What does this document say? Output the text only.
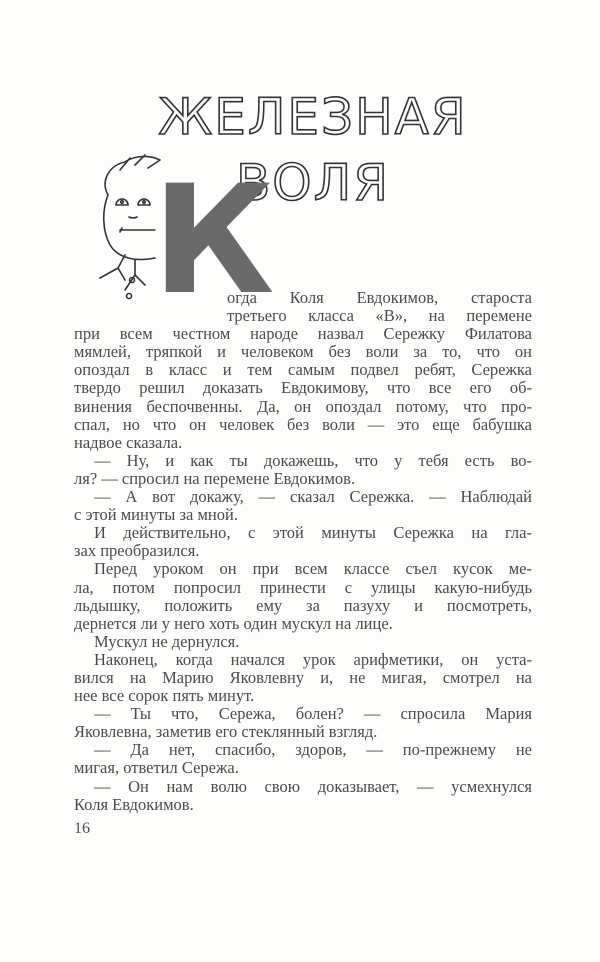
ЖЕЛЕЗНАЯ ВОЛЯ
К
огда Коля Евдокимов, староста
третьего класса «В», на перемене
при всем честном народе назвал Сережку Филатова
мямлей, тряпкой и человеком без воли за то, что он
опоздал в класс и тем самым подвел ребят, Сережка
твердо решил доказать Евдокимову, что все его об-
винения беспочвенны. Да, он опоздал потому, что про-
спал, но что он человек без воли — это еще бабушка
надвое сказала.
— Ну, и как ты докажешь, что у тебя есть во-
ля? — спросил на перемене Евдокимов.
— А вот докажу, — сказал Сережка. — Наблюдай
с этой минуты за мной.
И действительно, с этой минуты Сережка на гла-
зах преобразился.
Перед уроком он при всем классе съел кусок ме-
ла, потом попросил принести с улицы какую-нибудь
льдышку, положить ему за пазуху и посмотреть,
дернется ли у него хоть один мускул на лице.
Мускул не дернулся.
Наконец, когда начался урок арифметики, он уста-
вился на Марию Яковлевну и, не мигая, смотрел на
нее все сорок пять минут.
— Ты что, Сережа, болен? — спросила Мария
Яковлевна, заметив его стеклянный взгляд.
— Да нет, спасибо, здоров, — по-прежнему не
мигая, ответил Сережа.
— Он нам волю свою доказывает, — усмехнулся
Коля Евдокимов.
16
